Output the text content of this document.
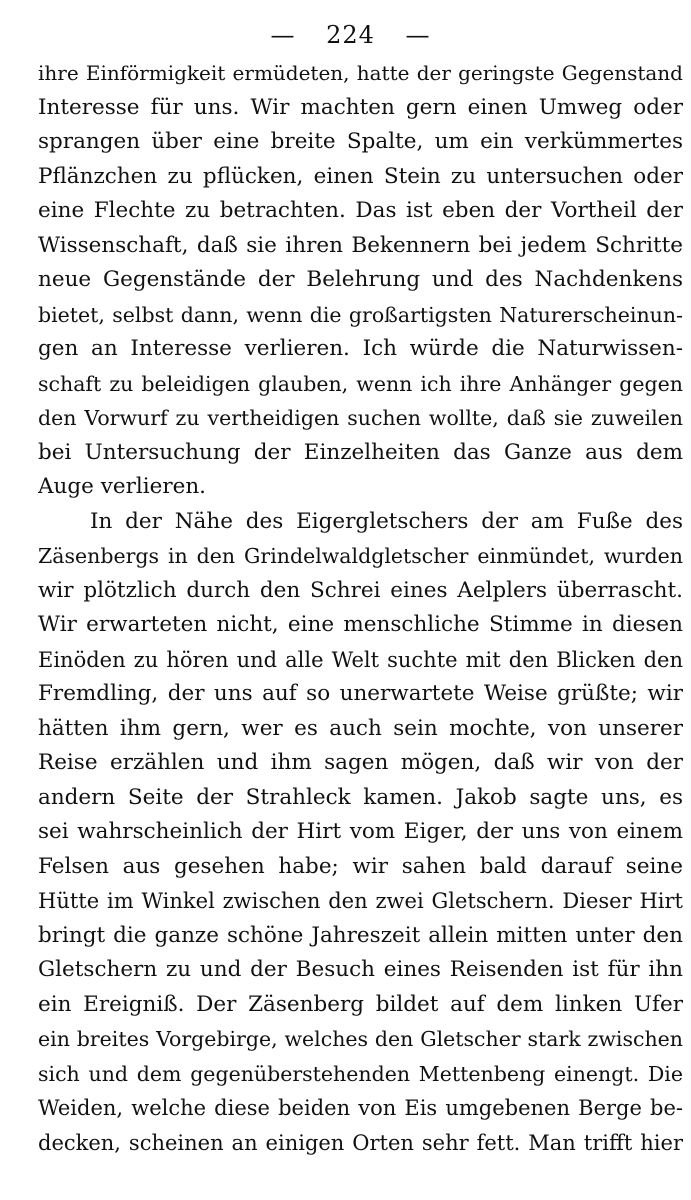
— 224 —
ihre Einförmigkeit ermüdeten, hatte der geringste Gegenstand
Interesse für uns. Wir machten gern einen Umweg oder
sprangen über eine breite Spalte, um ein verkümmertes
Pflänzchen zu pflücken, einen Stein zu untersuchen oder
eine Flechte zu betrachten. Das ist eben der Vortheil der
Wissenschaft, daß sie ihren Bekennern bei jedem Schritte
neue Gegenstände der Belehrung und des Nachdenkens
bietet, selbst dann, wenn die großartigsten Naturerscheinun-
gen an Interesse verlieren. Ich würde die Naturwissen-
schaft zu beleidigen glauben, wenn ich ihre Anhänger gegen
den Vorwurf zu vertheidigen suchen wollte, daß sie zuweilen
bei Untersuchung der Einzelheiten das Ganze aus dem
Auge verlieren.
In der Nähe des Eigergletschers der am Fuße des
Zäsenbergs in den Grindelwaldgletscher einmündet, wurden
wir plötzlich durch den Schrei eines Aelplers überrascht.
Wir erwarteten nicht, eine menschliche Stimme in diesen
Einöden zu hören und alle Welt suchte mit den Blicken den
Fremdling, der uns auf so unerwartete Weise grüßte; wir
hätten ihm gern, wer es auch sein mochte, von unserer
Reise erzählen und ihm sagen mögen, daß wir von der
andern Seite der Strahleck kamen. Jakob sagte uns, es
sei wahrscheinlich der Hirt vom Eiger, der uns von einem
Felsen aus gesehen habe; wir sahen bald darauf seine
Hütte im Winkel zwischen den zwei Gletschern. Dieser Hirt
bringt die ganze schöne Jahreszeit allein mitten unter den
Gletschern zu und der Besuch eines Reisenden ist für ihn
ein Ereigniß. Der Zäsenberg bildet auf dem linken Ufer
ein breites Vorgebirge, welches den Gletscher stark zwischen
sich und dem gegenüberstehenden Mettenbeng einengt. Die
Weiden, welche diese beiden von Eis umgebenen Berge be-
decken, scheinen an einigen Orten sehr fett. Man trifft hier
